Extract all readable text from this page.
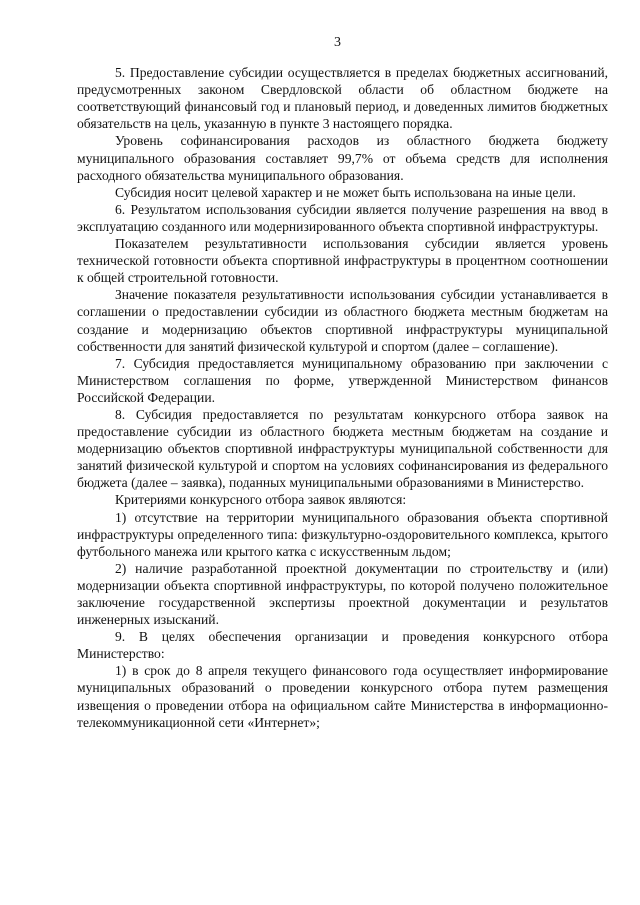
3

5. Предоставление субсидии осуществляется в пределах бюджетных ассигнований, предусмотренных законом Свердловской области об областном бюджете на соответствующий финансовый год и плановый период, и доведенных лимитов бюджетных обязательств на цель, указанную в пункте 3 настоящего порядка.

Уровень софинансирования расходов из областного бюджета бюджету муниципального образования составляет 99,7% от объема средств для исполнения расходного обязательства муниципального образования.

Субсидия носит целевой характер и не может быть использована на иные цели.

6. Результатом использования субсидии является получение разрешения на ввод в эксплуатацию созданного или модернизированного объекта спортивной инфраструктуры.

Показателем результативности использования субсидии является уровень технической готовности объекта спортивной инфраструктуры в процентном соотношении к общей строительной готовности.

Значение показателя результативности использования субсидии устанавливается в соглашении о предоставлении субсидии из областного бюджета местным бюджетам на создание и модернизацию объектов спортивной инфраструктуры муниципальной собственности для занятий физической культурой и спортом (далее – соглашение).

7. Субсидия предоставляется муниципальному образованию при заключении с Министерством соглашения по форме, утвержденной Министерством финансов Российской Федерации.

8. Субсидия предоставляется по результатам конкурсного отбора заявок на предоставление субсидии из областного бюджета местным бюджетам на создание и модернизацию объектов спортивной инфраструктуры муниципальной собственности для занятий физической культурой и спортом на условиях софинансирования из федерального бюджета (далее – заявка), поданных муниципальными образованиями в Министерство.

Критериями конкурсного отбора заявок являются:

1) отсутствие на территории муниципального образования объекта спортивной инфраструктуры определенного типа: физкультурно-оздоровительного комплекса, крытого футбольного манежа или крытого катка с искусственным льдом;

2) наличие разработанной проектной документации по строительству и (или) модернизации объекта спортивной инфраструктуры, по которой получено положительное заключение государственной экспертизы проектной документации и результатов инженерных изысканий.

9. В целях обеспечения организации и проведения конкурсного отбора Министерство:

1) в срок до 8 апреля текущего финансового года осуществляет информирование муниципальных образований о проведении конкурсного отбора путем размещения извещения о проведении отбора на официальном сайте Министерства в информационно-телекоммуникационной сети «Интернет»;
